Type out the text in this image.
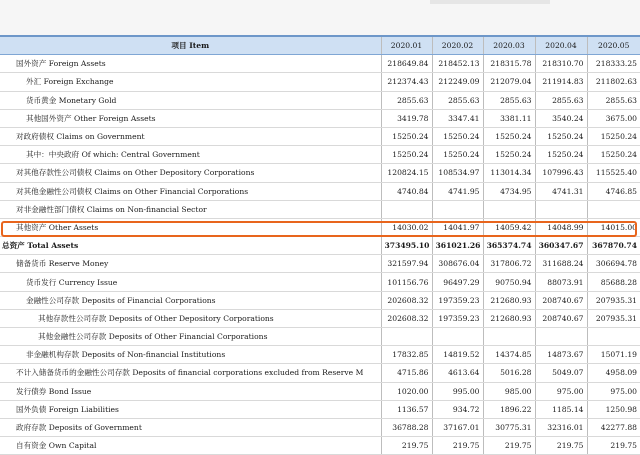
项目 Item	2020.01	2020.02	2020.03	2020.04	2020.05
国外资产 Foreign Assets	218649.84	218452.13	218315.78	218310.70	218333.25
外汇 Foreign Exchange	212374.43	212249.09	212079.04	211914.83	211802.63
货币黄金 Monetary Gold	2855.63	2855.63	2855.63	2855.63	2855.63
其他国外资产 Other Foreign Assets	3419.78	3347.41	3381.11	3540.24	3675.00
对政府债权 Claims on Government	15250.24	15250.24	15250.24	15250.24	15250.24
其中：中央政府 Of which: Central Government	15250.24	15250.24	15250.24	15250.24	15250.24
对其他存款性公司债权 Claims on Other Depository Corporations	120824.15	108534.97	113014.34	107996.43	115525.40
对其他金融性公司债权 Claims on Other Financial Corporations	4740.84	4741.95	4734.95	4741.31	4746.85
对非金融性部门债权 Claims on Non-financial Sector					
其他资产 Other Assets	14030.02	14041.97	14059.42	14048.99	14015.00
总资产 Total Assets	373495.10	361021.26	365374.74	360347.67	367870.74
储备货币 Reserve Money	321597.94	308676.04	317806.72	311688.24	306694.78
货币发行 Currency Issue	101156.76	96497.29	90750.94	88073.91	85688.28
金融性公司存款 Deposits of Financial Corporations	202608.32	197359.23	212680.93	208740.67	207935.31
其他存款性公司存款 Deposits of Other Depository Corporations	202608.32	197359.23	212680.93	208740.67	207935.31
其他金融性公司存款 Deposits of Other Financial Corporations					
非金融机构存款 Deposits of Non-financial Institutions	17832.85	14819.52	14374.85	14873.67	15071.19
不计入储备货币的金融性公司存款 Deposits of financial corporations excluded from Reserve M	4715.86	4613.64	5016.28	5049.07	4958.09
发行债券 Bond Issue	1020.00	995.00	985.00	975.00	975.00
国外负债 Foreign Liabilities	1136.57	934.72	1896.22	1185.14	1250.98
政府存款 Deposits of Government	36788.28	37167.01	30775.31	32316.01	42277.88
自有资金 Own Capital	219.75	219.75	219.75	219.75	219.75
